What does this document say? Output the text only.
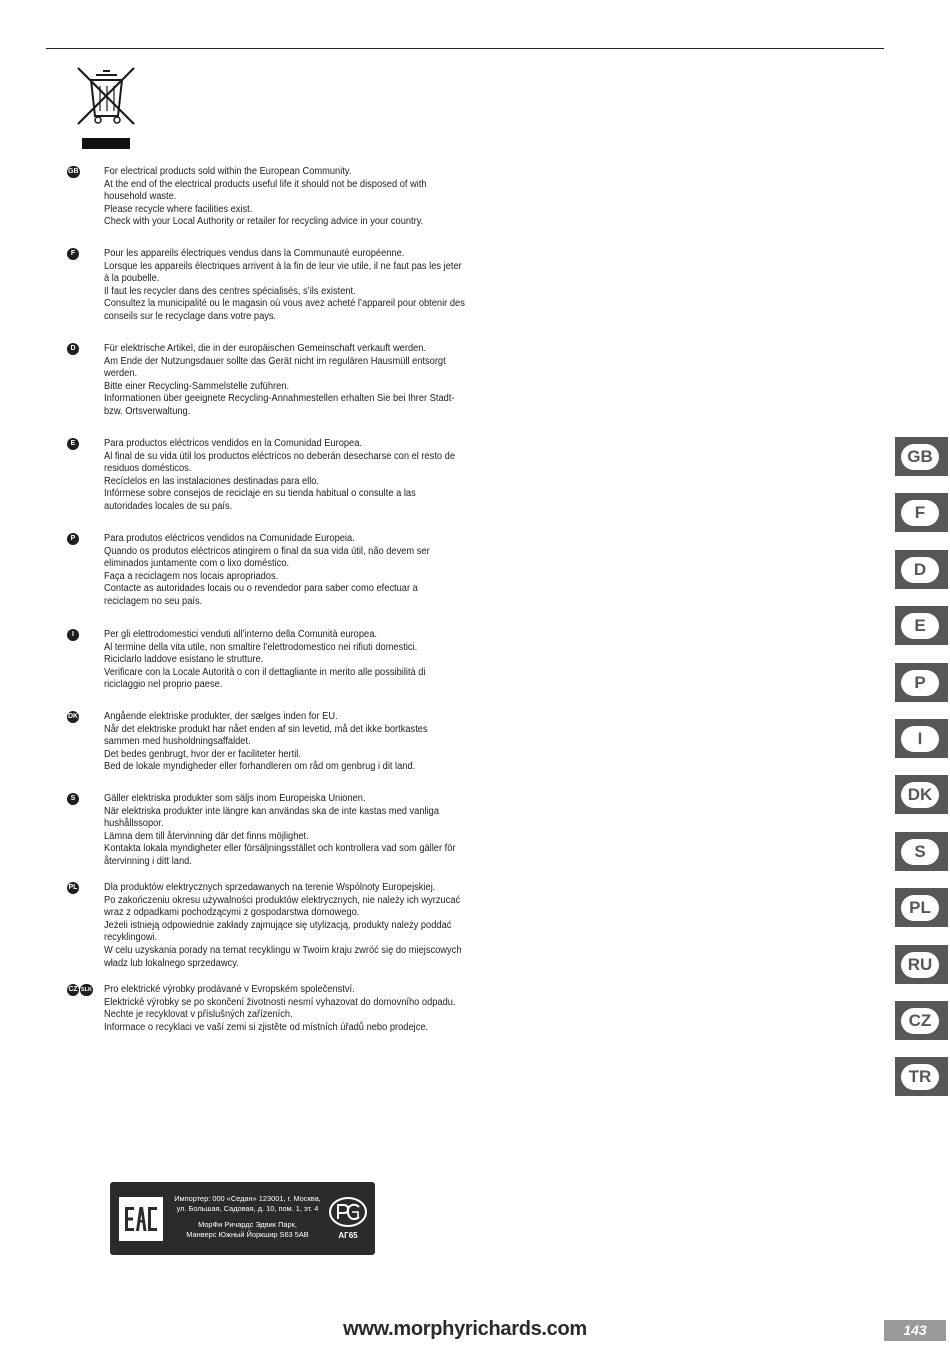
GB	For electrical products sold within the European Community.
At the end of the electrical products useful life it should not be disposed of with
household waste.
Please recycle where facilities exist.
Check with your Local Authority or retailer for recycling advice in your country.
F	Pour les appareils électriques vendus dans la Communauté européenne.
Lorsque les appareils électriques arrivent à la fin de leur vie utile, il ne faut pas les jeter
à la poubelle.
Il faut les recycler dans des centres spécialisés, s’ils existent.
Consultez la municipalité ou le magasin où vous avez acheté l’appareil pour obtenir des
conseils sur le recyclage dans votre pays.
D	Für elektrische Artikel, die in der europäischen Gemeinschaft verkauft werden.
Am Ende der Nutzungsdauer sollte das Gerät nicht im regulären Hausmüll entsorgt
werden.
Bitte einer Recycling-Sammelstelle zuführen.
Informationen über geeignete Recycling-Annahmestellen erhalten Sie bei Ihrer Stadt-
bzw. Ortsverwaltung.
E	Para productos eléctricos vendidos en la Comunidad Europea.
Al final de su vida útil los productos eléctricos no deberán desecharse con el resto de
residuos domésticos.
Recíclelos en las instalaciones destinadas para ello.
Infórmese sobre consejos de reciclaje en su tienda habitual o consulte a las
autoridades locales de su país.
P	Para produtos eléctricos vendidos na Comunidade Europeia.
Quando os produtos eléctricos atingirem o final da sua vida útil, não devem ser
eliminados juntamente com o lixo doméstico.
Faça a reciclagem nos locais apropriados.
Contacte as autoridades locais ou o revendedor para saber como efectuar a
reciclagem no seu país.
I	Per gli elettrodomestici venduti all’interno della Comunità europea.
Al termine della vita utile, non smaltire l’elettrodomestico nei rifiuti domestici.
Riciclarlo laddove esistano le strutture.
Verificare con la Locale Autorità o con il dettagliante in merito alle possibilità di
riciclaggio nel proprio paese.
DK	Angående elektriske produkter, der sælges inden for EU.
Når det elektriske produkt har nået enden af sin levetid, må det ikke bortkastes
sammen med husholdningsaffaldet.
Det bedes genbrugt, hvor der er faciliteter hertil.
Bed de lokale myndigheder eller forhandleren om råd om genbrug i dit land.
S	Gäller elektriska produkter som säljs inom Europeiska Unionen.
När elektriska produkter inte längre kan användas ska de inte kastas med vanliga
hushållssopor.
Lämna dem till återvinning där det finns möjlighet.
Kontakta lokala myndigheter eller försäljningsstället och kontrollera vad som gäller för
återvinning i ditt land.
PL	Dla produktów elektrycznych sprzedawanych na terenie Wspólnoty Europejskiej.
Po zakończeniu okresu używalności produktów elektrycznych, nie należy ich wyrzucać
wraz z odpadkami pochodzącymi z gospodarstwa domowego.
Jeżeli istnieją odpowiednie zakłady zajmujące się utylizacją, produkty należy poddać
recyklingowi.
W celu uzyskania porady na temat recyklingu w Twoim kraju zwróć się do miejscowych
władz lub lokalnego sprzedawcy.
CZ SLK Pro elektrické výrobky prodávané v Evropském společenství.
Elektrické výrobky se po skončení životnosti nesmí vyhazovat do domovního odpadu.
Nechte je recyklovat v příslušných zařízeních.
Informace o recyklaci ve vaší zemi si zjistěte od místních úřadů nebo prodejce.
GB
F
D
E
P
I
DK
S
PL
RU
CZ
TR
Импортер: 000 «Седан» 123001, г. Москва,
ул. Большая, Садовая, д. 10, пом. 1, эт. 4
МорФи Ричардс Эдвик Парк,
Манверс Южный Йоркшир S63 5AB	АГ65
www.morphyrichards.com	143
